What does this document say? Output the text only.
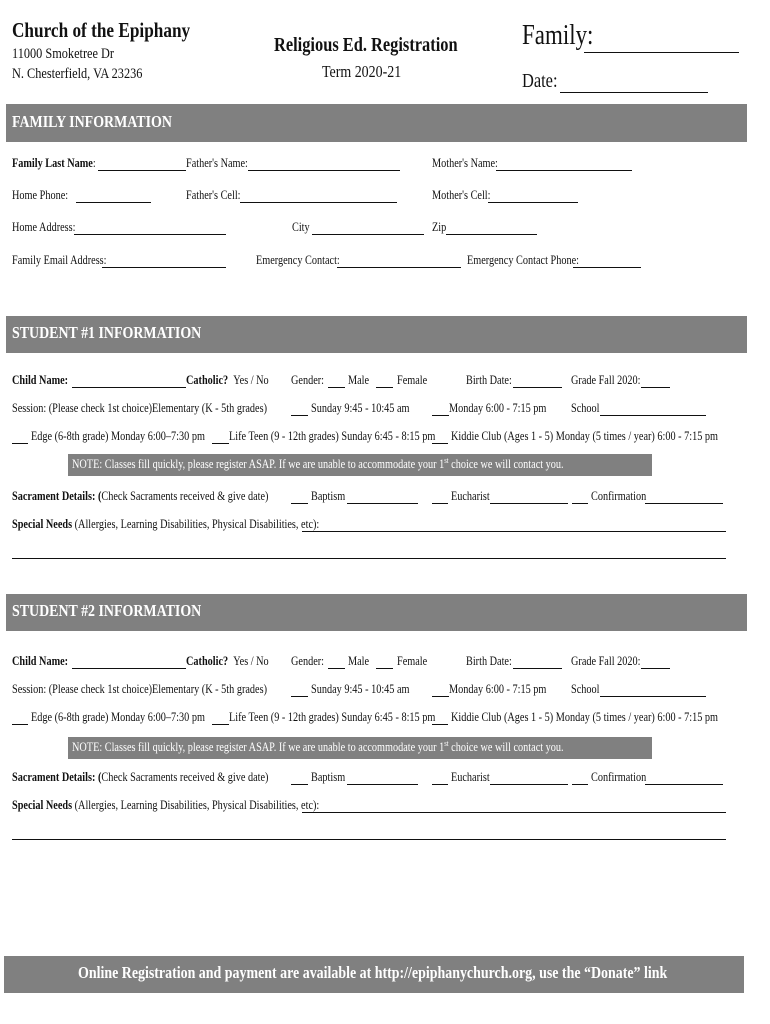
Church of the Epiphany
11000 Smoketree Dr
N. Chesterfield, VA 23236
Religious Ed. Registration
Term 2020-21
Family:
Date:
FAMILY INFORMATION
Family Last Name:	Father's Name:	Mother's Name:
Home Phone:	Father's Cell:	Mother's Cell:
Home Address:	City	Zip
Family Email Address:	Emergency Contact:	Emergency Contact Phone:
STUDENT #1 INFORMATION
Child Name:	Catholic? Yes / No	Gender:	Male	Female	Birth Date:	Grade Fall 2020:
Session: (Please check 1st choice) Elementary (K - 5th grades)	Sunday 9:45 - 10:45 am	Monday 6:00 - 7:15 pm	School
Edge (6-8th grade) Monday 6:00–7:30 pm	Life Teen (9 - 12th grades) Sunday 6:45 - 8:15 pm	Kiddie Club (Ages 1 - 5) Monday (5 times / year) 6:00 - 7:15 pm
NOTE: Classes fill quickly, please register ASAP. If we are unable to accommodate your 1st choice we will contact you.
Sacrament Details: (Check Sacraments received & give date)	Baptism	Eucharist	Confirmation
Special Needs (Allergies, Learning Disabilities, Physical Disabilities, etc):
STUDENT #2 INFORMATION
Child Name:	Catholic? Yes / No	Gender:	Male	Female	Birth Date:	Grade Fall 2020:
Session: (Please check 1st choice) Elementary (K - 5th grades)	Sunday 9:45 - 10:45 am	Monday 6:00 - 7:15 pm	School
Edge (6-8th grade) Monday 6:00–7:30 pm	Life Teen (9 - 12th grades) Sunday 6:45 - 8:15 pm	Kiddie Club (Ages 1 - 5) Monday (5 times / year) 6:00 - 7:15 pm
NOTE: Classes fill quickly, please register ASAP. If we are unable to accommodate your 1st choice we will contact you.
Sacrament Details: (Check Sacraments received & give date)	Baptism	Eucharist	Confirmation
Special Needs (Allergies, Learning Disabilities, Physical Disabilities, etc):
Online Registration and payment are available at http://epiphanychurch.org, use the “Donate” link
